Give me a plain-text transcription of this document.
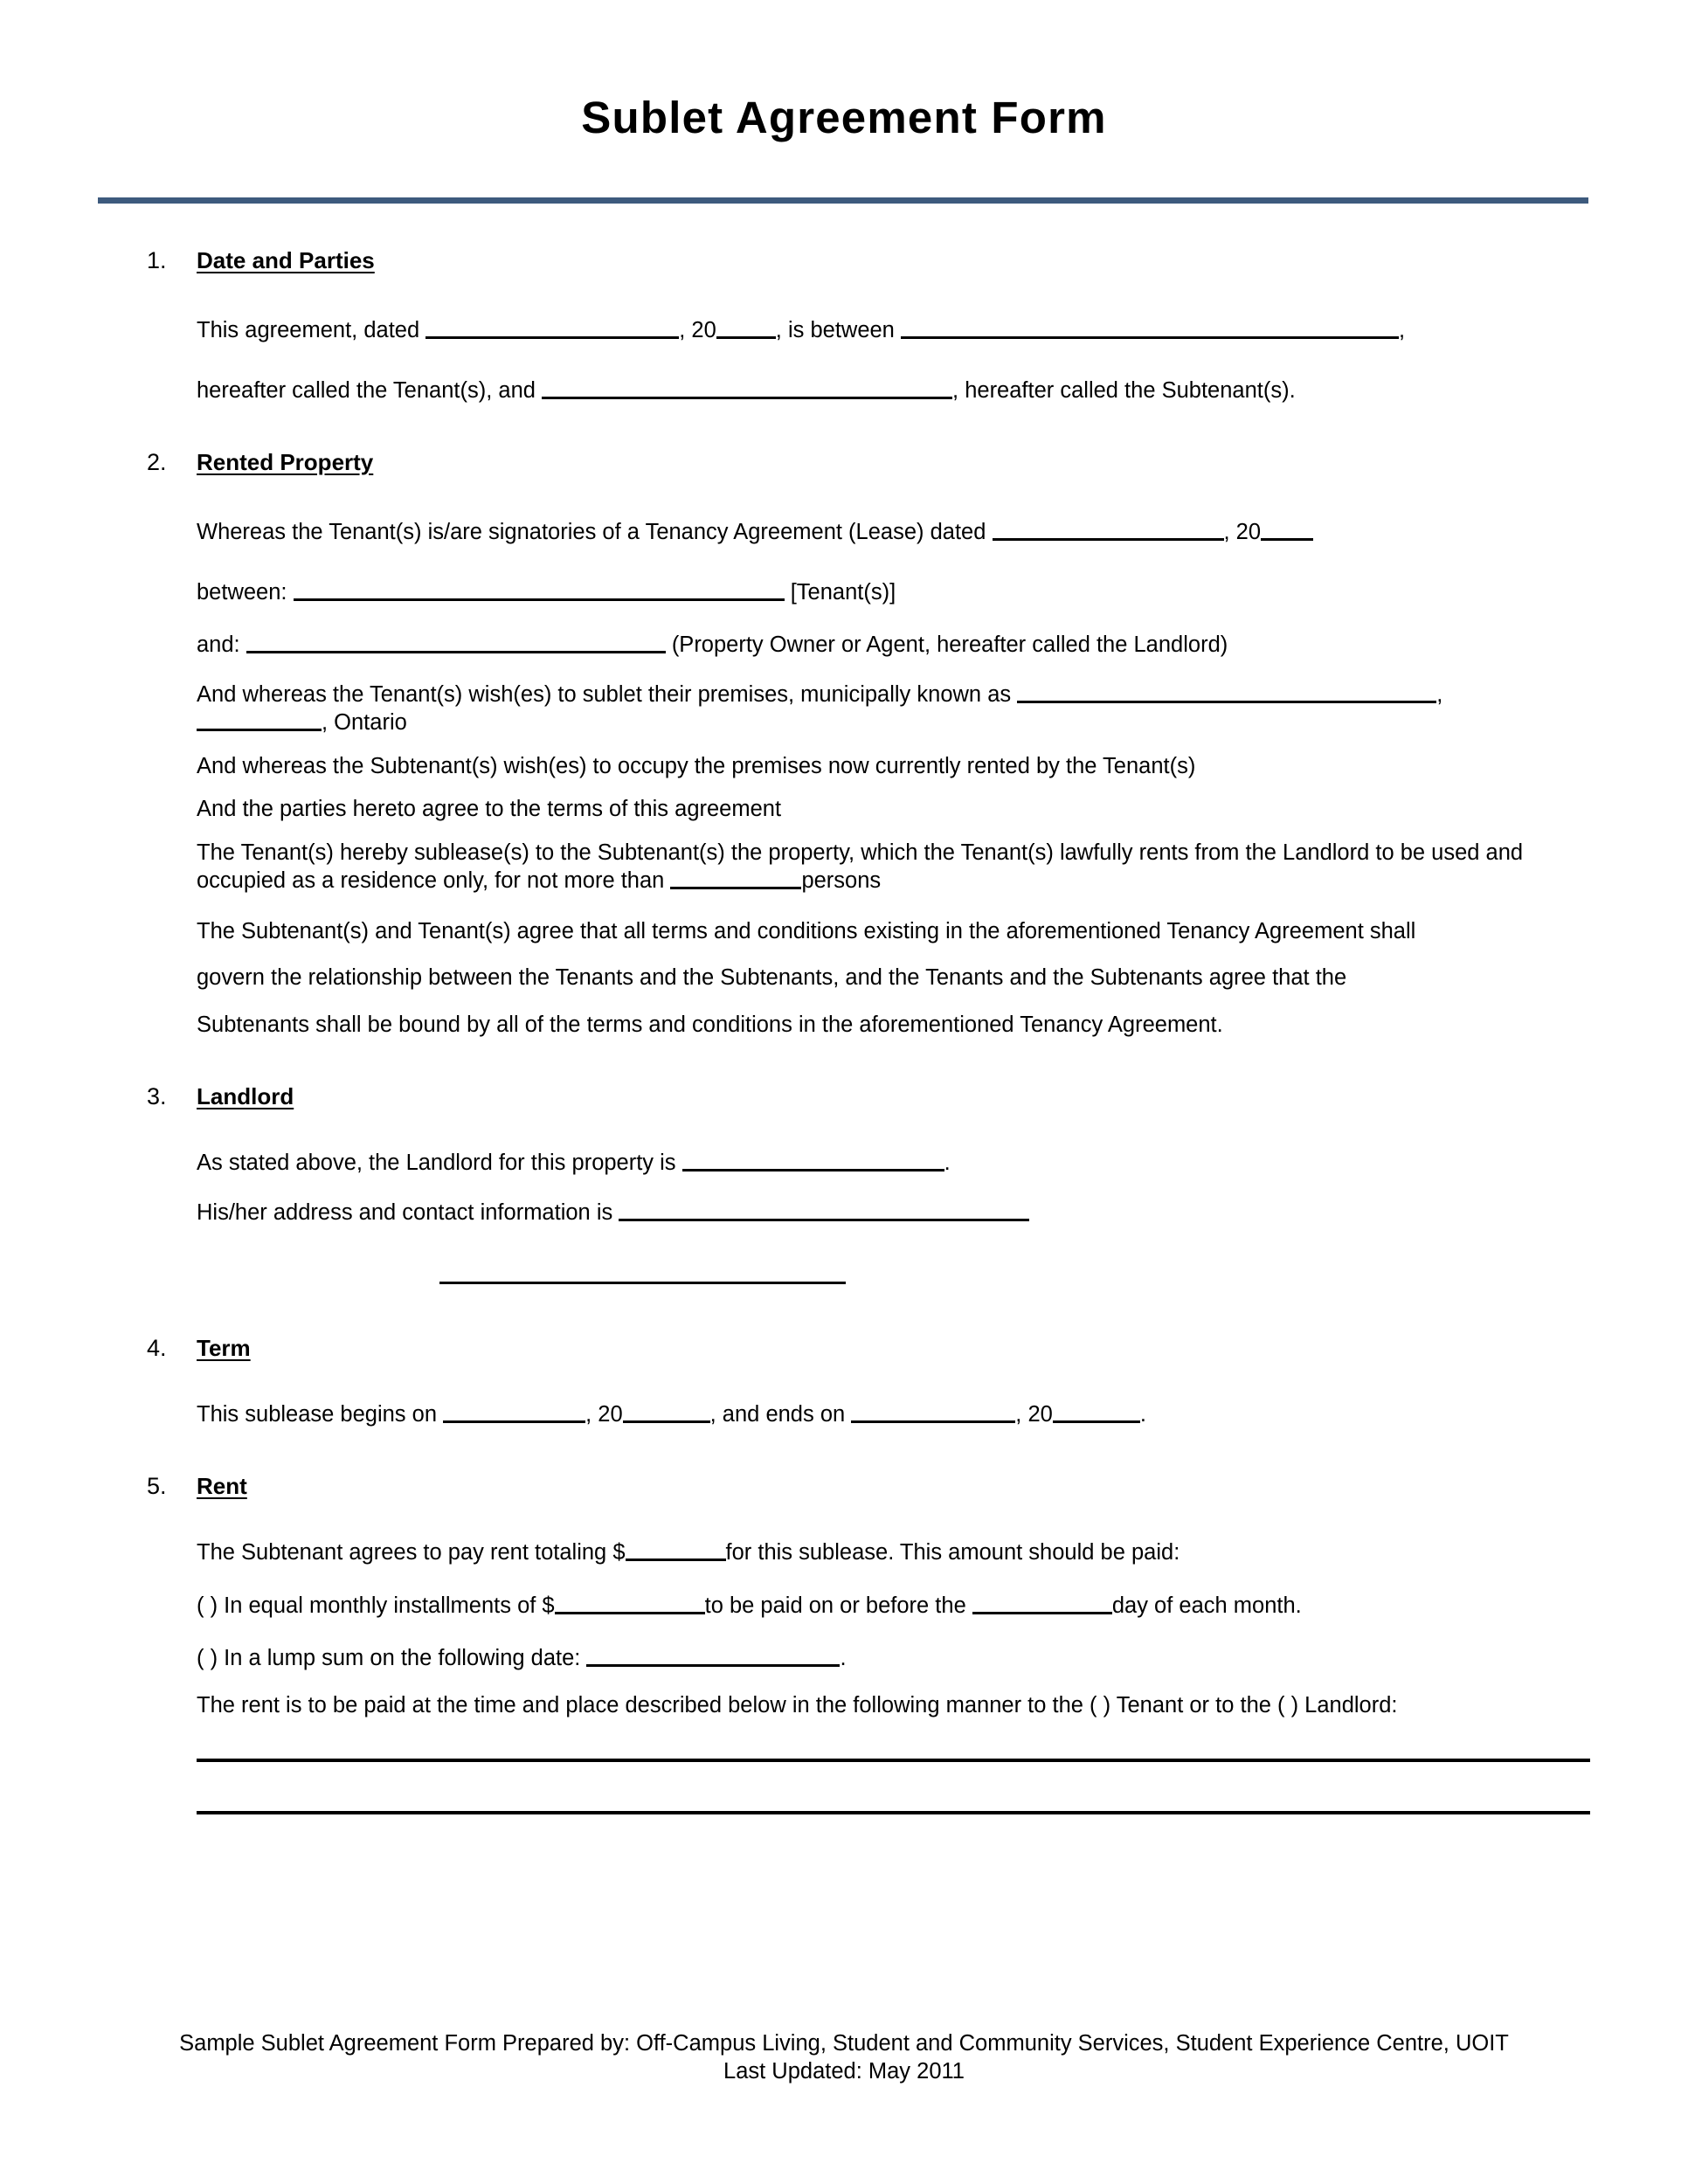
Sublet Agreement Form
1. Date and Parties

This agreement, dated	, 20	, is between	,

hereafter called the Tenant(s), and	, hereafter called the Subtenant(s).

2. Rented Property

Whereas the Tenant(s) is/are signatories of a Tenancy Agreement (Lease) dated	, 20

between:	[Tenant(s)]

and:	(Property Owner or Agent, hereafter called the Landlord)

And whereas the Tenant(s) wish(es) to sublet their premises, municipally known as	,
, Ontario

And whereas the Subtenant(s) wish(es) to occupy the premises now currently rented by the Tenant(s)

And the parties hereto agree to the terms of this agreement

The Tenant(s) hereby sublease(s) to the Subtenant(s) the property, which the Tenant(s) lawfully rents from the Landlord to be used and occupied as a residence only, for not more than	persons

The Subtenant(s) and Tenant(s) agree that all terms and conditions existing in the aforementioned Tenancy Agreement shall

govern the relationship between the Tenants and the Subtenants, and the Tenants and the Subtenants agree that the

Subtenants shall be bound by all of the terms and conditions in the aforementioned Tenancy Agreement.

3. Landlord

As stated above, the Landlord for this property is	.

His/her address and contact information is

4. Term

This sublease begins on	, 20	, and ends on	, 20	.

5. Rent

The Subtenant agrees to pay rent totaling $	for this sublease. This amount should be paid:

( ) In equal monthly installments of $	to be paid on or before the	day of each month.

( ) In a lump sum on the following date:	.

The rent is to be paid at the time and place described below in the following manner to the ( ) Tenant or to the ( ) Landlord:

Sample Sublet Agreement Form Prepared by: Off-Campus Living, Student and Community Services, Student Experience Centre, UOIT

Last Updated: May 2011
